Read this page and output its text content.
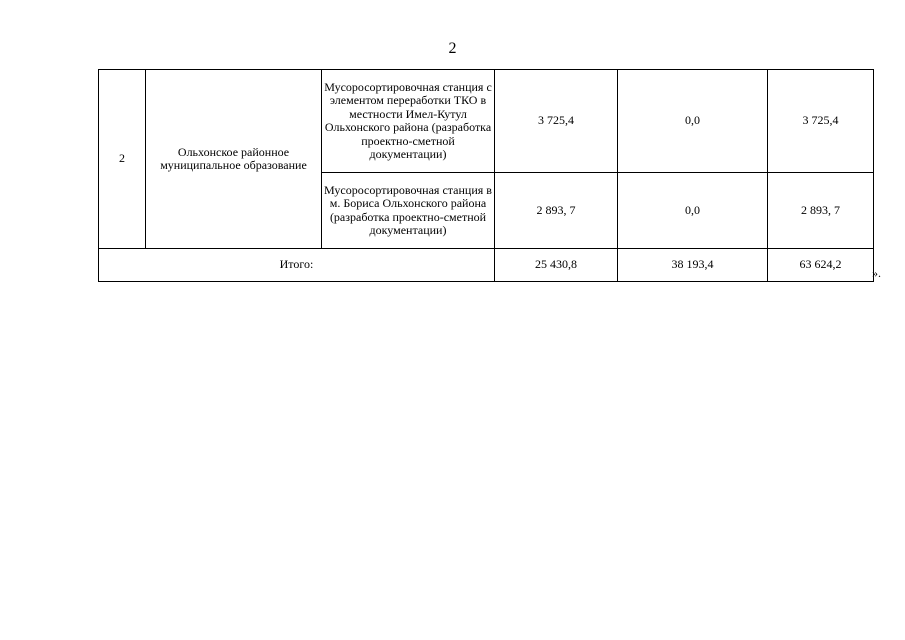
2
2	Ольхонское районное муниципальное образование	Мусоросортировочная станция с элементом переработки ТКО в местности Имел-Кутул Ольхонского района (разработка проектно-сметной документации)	3 725,4	0,0	3 725,4
		Мусоросортировочная станция в м. Бориса Ольхонского района (разработка проектно-сметной документации)	2 893, 7	0,0	2 893, 7
Итого:			25 430,8	38 193,4	63 624,2
».
